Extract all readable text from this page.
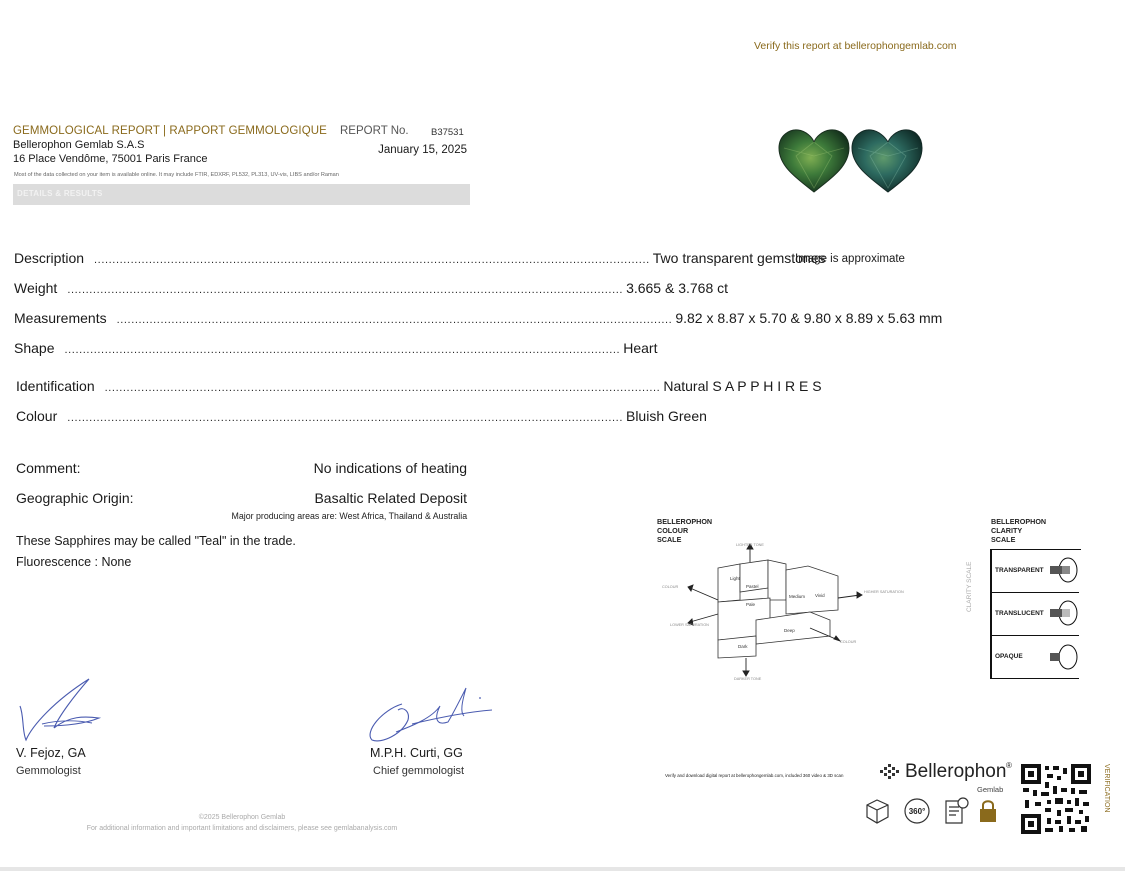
Verify this report at bellerophongemlab.com
GEMMOLOGICAL REPORT | RAPPORT GEMMOLOGIQUE REPORT No. B37531
Bellerophon Gemlab S.A.S
16 Place Vendôme, 75001 Paris France
January 15, 2025
Most of the data collected on your item is available online. It may include FTIR, EDXRF, PL532, PL313, UV-vis, LIBS and/or Raman
DETAILS & RESULTS
Description ........................................................................................................................................................ Two transparent gemstones
Weight ........................................................................................................................................................ 3.665 & 3.768 ct
Measurements ........................................................................................................................................................ 9.82 x 8.87 x 5.70 & 9.80 x 8.89 x 5.63 mm
Shape ........................................................................................................................................................ Heart
Identification ........................................................................................................................................................ Natural S A P P H I R E S
Colour ........................................................................................................................................................ Bluish Green
Comment:	No indications of heating
Geographic Origin:	Basaltic Related Deposit
Major producing areas are: West Africa, Thailand & Australia
These Sapphires may be called "Teal" in the trade.
Fluorescence : None
V. Fejoz, GA
Gemmologist
M.P.H. Curti, GG
Chief gemmologist
©2025 Bellerophon Gemlab
For additional information and important limitations and disclaimers, please see gemlabanalysis.com
Image is approximate
BELLEROPHON
COLOUR
SCALE
Light
Pastel
Pale
Medium Vivid
Deep
Dark
LIGHTER TONE
DARKER TONE
COLOUR
COLOUR
LOWER SATURATION
HIGHER SATURATION
BELLEROPHON
CLARITY
SCALE
CLARITY SCALE	TRANSPARENT
TRANSLUCENT
OPAQUE
Verify and download digital report at bellerophongemlab.com, included 360 video & 3D scan	Bellerophon ®
Gemlab
360°	VERIFICATION
